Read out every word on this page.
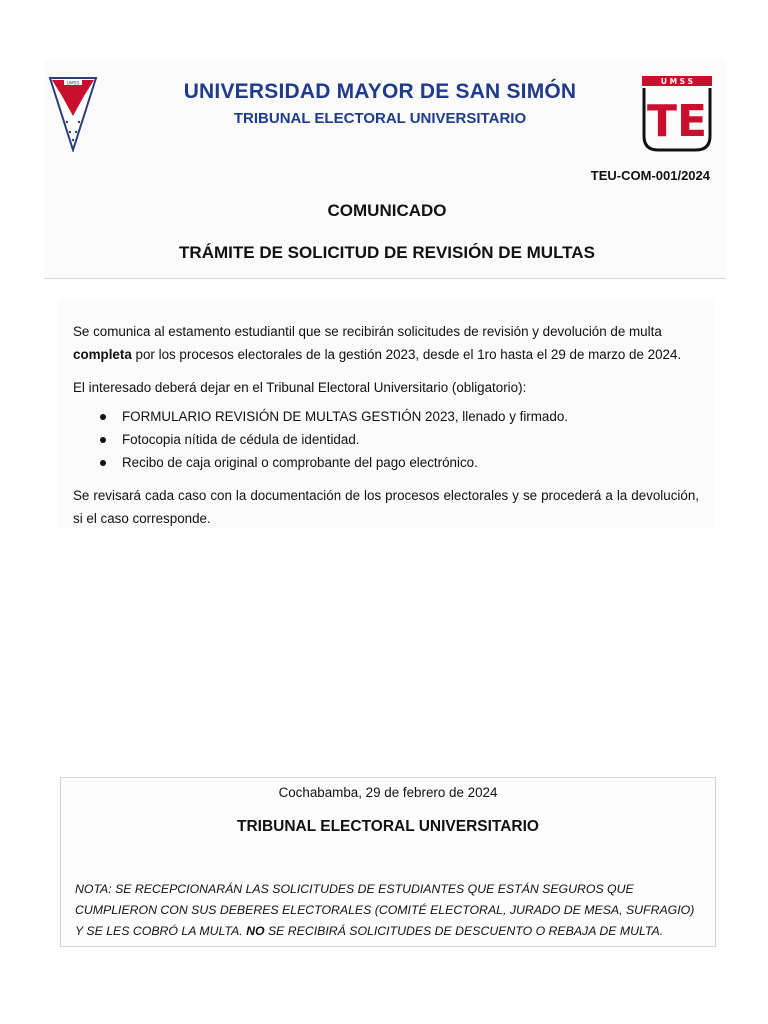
UMSS	UNIVERSIDAD MAYOR DE SAN SIMÓN
TRIBUNAL ELECTORAL UNIVERSITARIO
U M S S
TE
TEU-COM-001/2024
COMUNICADO
TRÁMITE DE SOLICITUD DE REVISIÓN DE MULTAS
Se comunica al estamento estudiantil que se recibirán solicitudes de revisión y devolución de multa completa por los procesos electorales de la gestión 2023, desde el 1ro hasta el 29 de marzo de 2024.
El interesado deberá dejar en el Tribunal Electoral Universitario (obligatorio):
FORMULARIO REVISIÓN DE MULTAS GESTIÓN 2023, llenado y firmado.
Fotocopia nítida de cédula de identidad.
Recibo de caja original o comprobante del pago electrónico.
Se revisará cada caso con la documentación de los procesos electorales y se procederá a la devolución, si el caso corresponde.
Cochabamba, 29 de febrero de 2024
TRIBUNAL ELECTORAL UNIVERSITARIO
NOTA: SE RECEPCIONARÁN LAS SOLICITUDES DE ESTUDIANTES QUE ESTÁN SEGUROS QUE CUMPLIERON CON SUS DEBERES ELECTORALES (COMITÉ ELECTORAL, JURADO DE MESA, SUFRAGIO) Y SE LES COBRÓ LA MULTA. NO SE RECIBIRÁ SOLICITUDES DE DESCUENTO O REBAJA DE MULTA.
